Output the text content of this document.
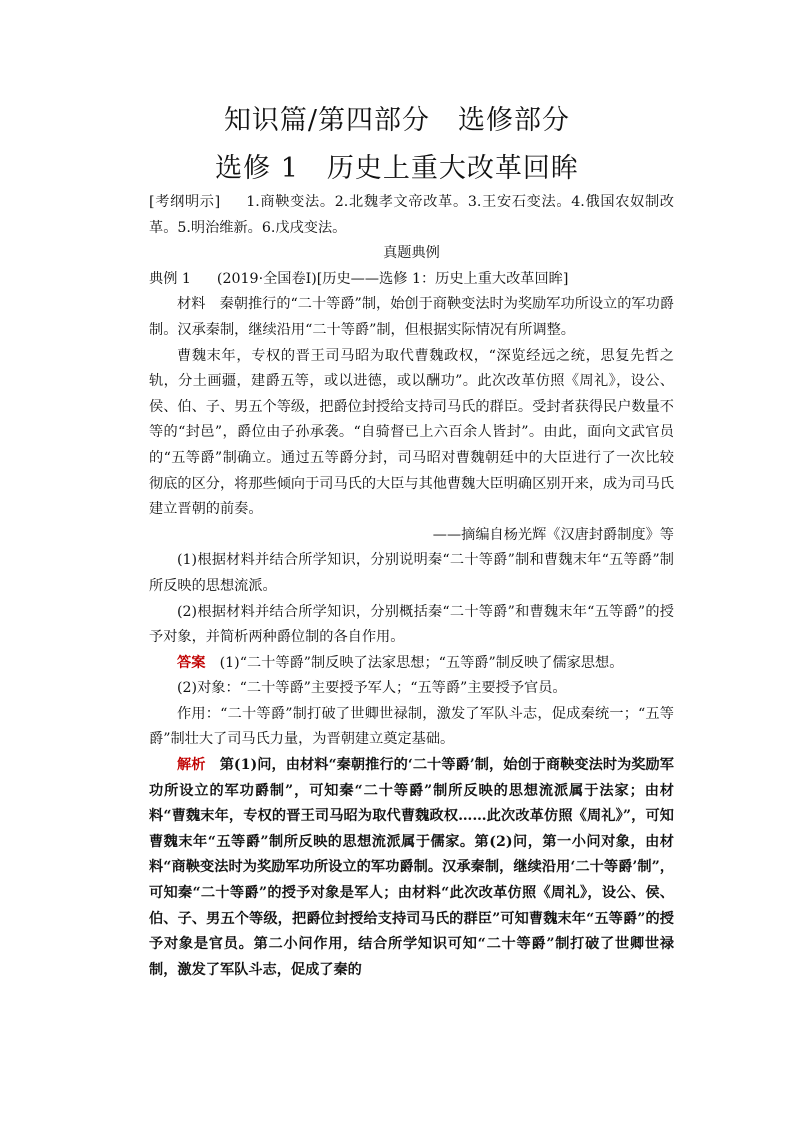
知识篇/第四部分　选修部分
选修 1　历史上重大改革回眸

[考纲明示] 1.商鞅变法。2.北魏孝文帝改革。3.王安石变法。4.俄国农奴制改革。5.明治维新。6.戊戌变法。

真题典例

典例 1 (2019·全国卷Ⅰ)[历史——选修 1：历史上重大改革回眸]

材料　 秦朝推行的“二十等爵”制，始创于商鞅变法时为奖励军功所设立的军功爵制。汉承秦制，继续沿用“二十等爵”制，但根据实际情况有所调整。

曹魏末年，专权的晋王司马昭为取代曹魏政权，“深览经远之统，思复先哲之轨，分土画疆，建爵五等，或以进德，或以酬功”。此次改革仿照《周礼》，设公、侯、伯、子、男五个等级，把爵位封授给支持司马氏的群臣。受封者获得民户数量不等的“封邑”，爵位由子孙承袭。“自骑督已上六百余人皆封”。由此，面向文武官员的“五等爵”制确立。通过五等爵分封，司马昭对曹魏朝廷中的大臣进行了一次比较彻底的区分，将那些倾向于司马氏的大臣与其他曹魏大臣明确区别开来，成为司马氏建立晋朝的前奏。

——摘编自杨光辉《汉唐封爵制度》等

(1)根据材料并结合所学知识，分别说明秦“二十等爵”制和曹魏末年“五等爵”制所反映的思想流派。

(2)根据材料并结合所学知识，分别概括秦“二十等爵”和曹魏末年“五等爵”的授予对象，并简析两种爵位制的各自作用。

答案　 (1)“二十等爵”制反映了法家思想；“五等爵”制反映了儒家思想。

(2)对象：“二十等爵”主要授予军人；“五等爵”主要授予官员。

作用：“二十等爵”制打破了世卿世禄制，激发了军队斗志，促成秦统一；“五等爵”制壮大了司马氏力量，为晋朝建立奠定基础。

解析　 第(1)问，由材料“秦朝推行的‘二十等爵’制，始创于商鞅变法时为奖励军功所设立的军功爵制”，可知秦“二十等爵”制所反映的思想流派属于法家；由材料“曹魏末年，专权的晋王司马昭为取代曹魏政权……此次改革仿照《周礼》”，可知曹魏末年“五等爵”制所反映的思想流派属于儒家。第(2)问，第一小问对象，由材料“商鞅变法时为奖励军功所设立的军功爵制。汉承秦制，继续沿用‘二十等爵’制”，可知秦“二十等爵”的授予对象是军人；由材料“此次改革仿照《周礼》，设公、侯、伯、子、男五个等级，把爵位封授给支持司马氏的群臣”可知曹魏末年“五等爵”的授予对象是官员。第二小问作用，结合所学知识可知“二十等爵”制打破了世卿世禄制，激发了军队斗志，促成了秦的
